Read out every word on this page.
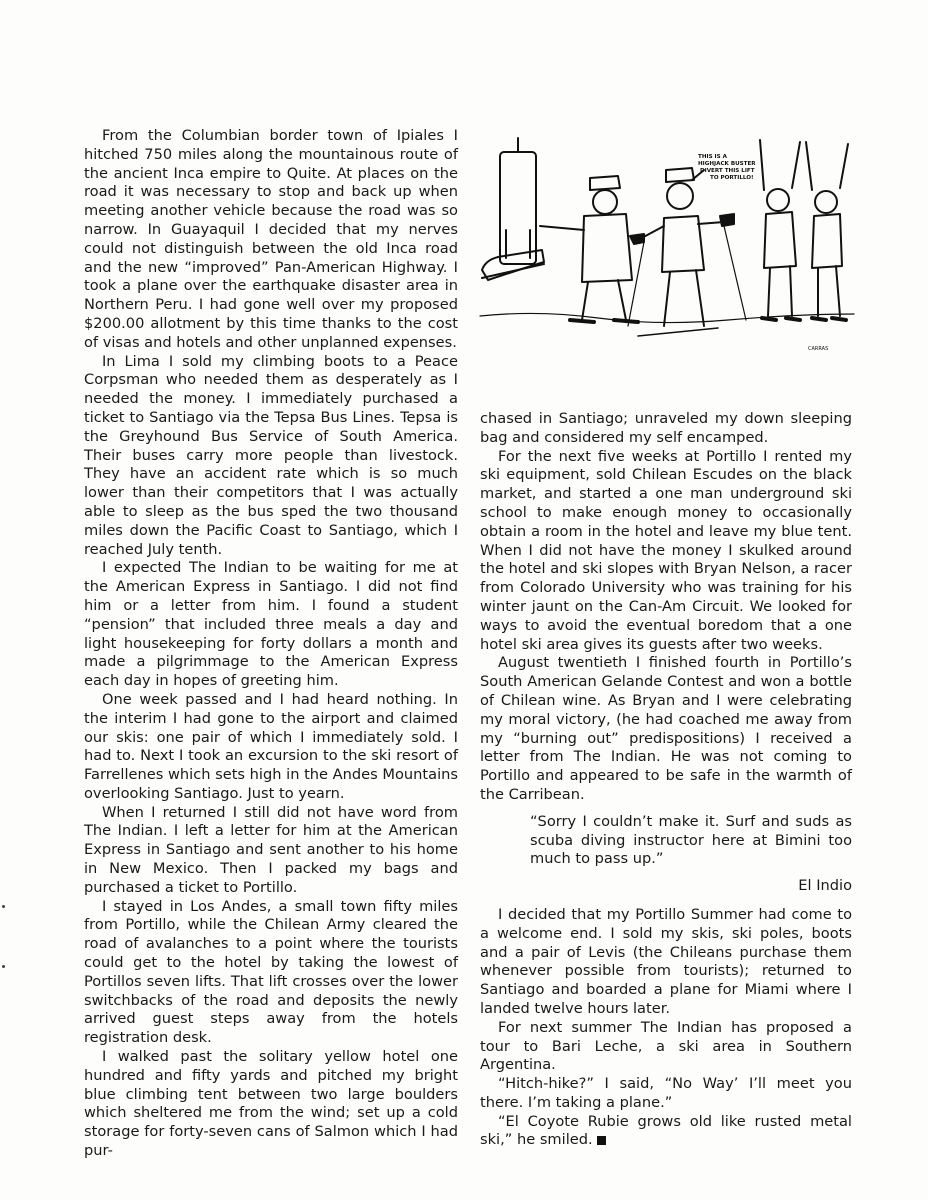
From the Columbian border town of Ipiales I hitched 750 miles along the mountainous route of the ancient Inca empire to Quite. At places on the road it was necessary to stop and back up when meeting another vehicle because the road was so narrow. In Guayaquil I decided that my nerves could not distinguish between the old Inca road and the new “improved” Pan-American Highway. I took a plane over the earthquake disaster area in Northern Peru. I had gone well over my proposed $200.00 allotment by this time thanks to the cost of visas and hotels and other unplanned expenses.

In Lima I sold my climbing boots to a Peace Corpsman who needed them as desperately as I needed the money. I immediately purchased a ticket to Santiago via the Tepsa Bus Lines. Tepsa is the Greyhound Bus Service of South America. Their buses carry more people than livestock. They have an accident rate which is so much lower than their competitors that I was actually able to sleep as the bus sped the two thousand miles down the Pacific Coast to Santiago, which I reached July tenth.

I expected The Indian to be waiting for me at the American Express in Santiago. I did not find him or a letter from him. I found a student “pension” that included three meals a day and light housekeeping for forty dollars a month and made a pilgrimmage to the American Express each day in hopes of greeting him.

One week passed and I had heard nothing. In the interim I had gone to the airport and claimed our skis: one pair of which I immediately sold. I had to. Next I took an excursion to the ski resort of Farrellenes which sets high in the Andes Mountains overlooking Santiago. Just to yearn.

When I returned I still did not have word from The Indian. I left a letter for him at the American Express in Santiago and sent another to his home in New Mexico. Then I packed my bags and purchased a ticket to Portillo.

I stayed in Los Andes, a small town fifty miles from Portillo, while the Chilean Army cleared the road of avalanches to a point where the tourists could get to the hotel by taking the lowest of Portillos seven lifts. That lift crosses over the lower switchbacks of the road and deposits the newly arrived guest steps away from the hotels registration desk.

I walked past the solitary yellow hotel one hundred and fifty yards and pitched my bright blue climbing tent between two large boulders which sheltered me from the wind; set up a cold storage for forty-seven cans of Salmon which I had pur-

THIS IS A
HIGHJACK BUSTER
DIVERT THIS LIFT
TO PORTILLO!
CARRAS

chased in Santiago; unraveled my down sleeping bag and considered my self encamped.

For the next five weeks at Portillo I rented my ski equipment, sold Chilean Escudes on the black market, and started a one man underground ski school to make enough money to occasionally obtain a room in the hotel and leave my blue tent. When I did not have the money I skulked around the hotel and ski slopes with Bryan Nelson, a racer from Colorado University who was training for his winter jaunt on the Can-Am Circuit. We looked for ways to avoid the eventual boredom that a one hotel ski area gives its guests after two weeks.

August twentieth I finished fourth in Portillo’s South American Gelande Contest and won a bottle of Chilean wine. As Bryan and I were celebrating my moral victory, (he had coached me away from my “burning out” predispositions) I received a letter from The Indian. He was not coming to Portillo and appeared to be safe in the warmth of the Carribean.

“Sorry I couldn’t make it. Surf and suds as scuba diving instructor here at Bimini too much to pass up.”

El Indio

I decided that my Portillo Summer had come to a welcome end. I sold my skis, ski poles, boots and a pair of Levis (the Chileans purchase them whenever possible from tourists); returned to Santiago and boarded a plane for Miami where I landed twelve hours later.

For next summer The Indian has proposed a tour to Bari Leche, a ski area in Southern Argentina.

“Hitch-hike?” I said, “No Way’ I’ll meet you there. I’m taking a plane.”

“El Coyote Rubie grows old like rusted metal ski,” he smiled.
